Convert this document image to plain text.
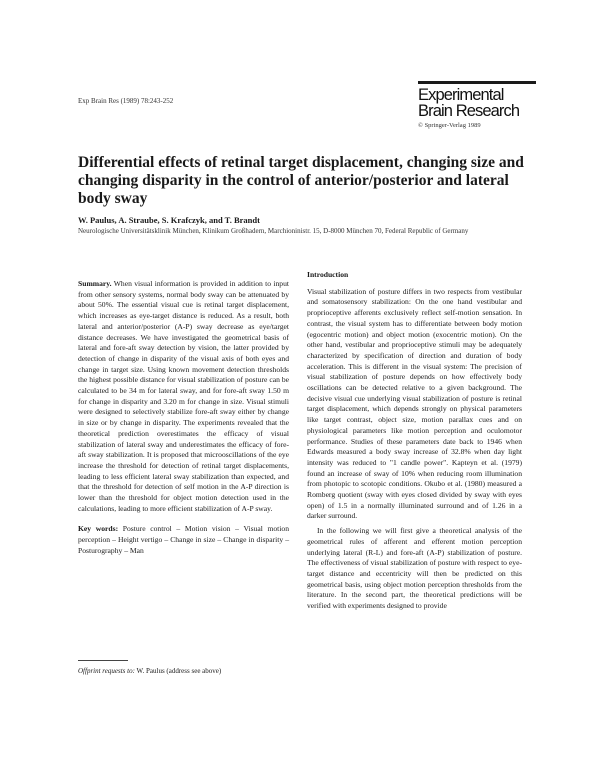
Exp Brain Res (1989) 78:243-252	Experimental
Brain Research
© Springer-Verlag 1989
Differential effects of retinal target displacement, changing size and changing disparity in the control of anterior/posterior and lateral body sway
W. Paulus, A. Straube, S. Krafczyk, and T. Brandt
Neurologische Universitätsklinik München, Klinikum Großhadern, Marchioninistr. 15, D-8000 München 70, Federal Republic of Germany

Summary. When visual information is provided in addition to input from other sensory systems, normal body sway can be attenuated by about 50%. The essential visual cue is retinal target displacement, which increases as eye-target distance is reduced. As a result, both lateral and anterior/posterior (A-P) sway decrease as eye/target distance decreases. We have investigated the geometrical basis of lateral and fore-aft sway detection by vision, the latter provided by detection of change in disparity of the visual axis of both eyes and change in target size. Using known movement detection thresholds the highest possible distance for visual stabilization of posture can be calculated to be 34 m for lateral sway, and for fore-aft sway 1.50 m for change in disparity and 3.20 m for change in size. Visual stimuli were designed to selectively stabilize fore-aft sway either by change in size or by change in disparity. The experiments revealed that the theoretical prediction overestimates the efficacy of visual stabilization of lateral sway and underestimates the efficacy of fore-aft sway stabilization. It is proposed that microoscillations of the eye increase the threshold for detection of retinal target displacements, leading to less efficient lateral sway stabilization than expected, and that the threshold for detection of self motion in the A-P direction is lower than the threshold for object motion detection used in the calculations, leading to more efficient stabilization of A-P sway.

Key words: Posture control – Motion vision – Visual motion perception – Height vertigo – Change in size – Change in disparity – Posturography – Man

Offprint requests to: W. Paulus (address see above)

Introduction

Visual stabilization of posture differs in two respects from vestibular and somatosensory stabilization: On the one hand vestibular and proprioceptive afferents exclusively reflect self-motion sensation. In contrast, the visual system has to differentiate between body motion (egocentric motion) and object motion (exocentric motion). On the other hand, vestibular and proprioceptive stimuli may be adequately characterized by specification of direction and duration of body acceleration. This is different in the visual system: The precision of visual stabilization of posture depends on how effectively body oscillations can be detected relative to a given background. The decisive visual cue underlying visual stabilization of posture is retinal target displacement, which depends strongly on physical parameters like target contrast, object size, motion parallax cues and on physiological parameters like motion perception and oculomotor performance. Studies of these parameters date back to 1946 when Edwards measured a body sway increase of 32.8% when day light intensity was reduced to "1 candle power". Kapteyn et al. (1979) found an increase of sway of 10% when reducing room illumination from photopic to scotopic conditions. Okubo et al. (1980) measured a Romberg quotient (sway with eyes closed divided by sway with eyes open) of 1.5 in a normally illuminated surround and of 1.26 in a darker surround.

In the following we will first give a theoretical analysis of the geometrical rules of afferent and efferent motion perception underlying lateral (R-L) and fore-aft (A-P) stabilization of posture. The effectiveness of visual stabilization of posture with respect to eye-target distance and eccentricity will then be predicted on this geometrical basis, using object motion perception thresholds from the literature. In the second part, the theoretical predictions will be verified with experiments designed to provide
